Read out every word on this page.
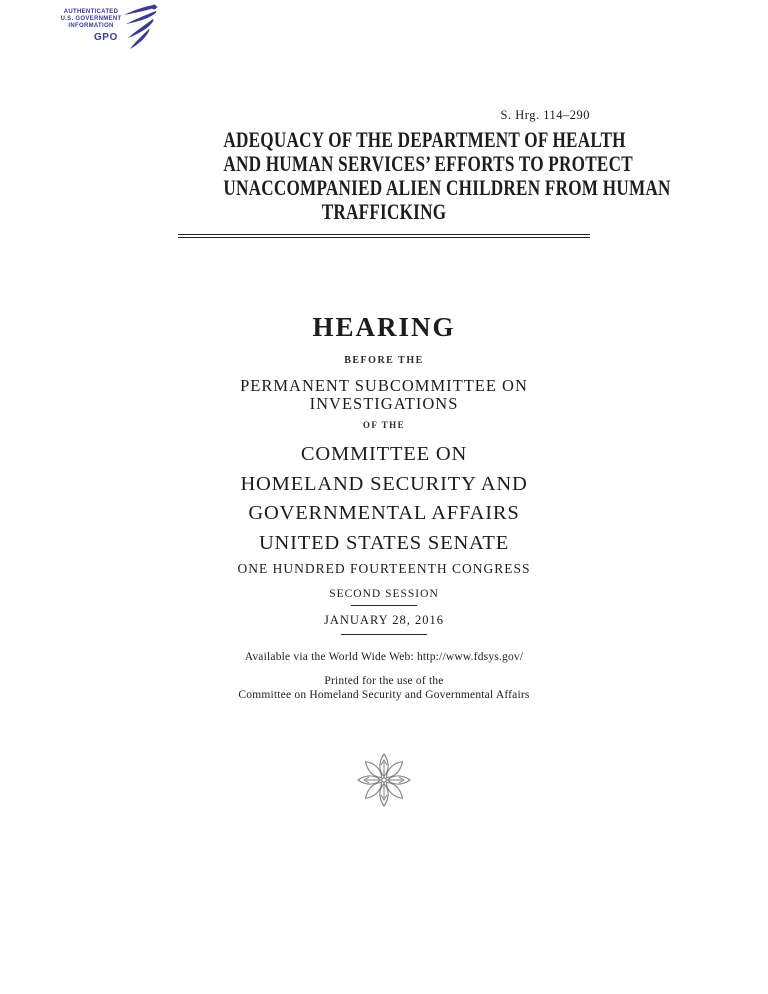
AUTHENTICATED
U.S. GOVERNMENT
INFORMATION
GPO
S. Hrg. 114–290
ADEQUACY OF THE DEPARTMENT OF HEALTH
AND HUMAN SERVICES’ EFFORTS TO PROTECT
UNACCOMPANIED ALIEN CHILDREN FROM HUMAN
TRAFFICKING
HEARING
BEFORE THE
PERMANENT SUBCOMMITTEE ON INVESTIGATIONS
OF THE
COMMITTEE ON
HOMELAND SECURITY AND
GOVERNMENTAL AFFAIRS
UNITED STATES SENATE
ONE HUNDRED FOURTEENTH CONGRESS
SECOND SESSION
JANUARY 28, 2016
Available via the World Wide Web: http://www.fdsys.gov/
Printed for the use of the
Committee on Homeland Security and Governmental Affairs
